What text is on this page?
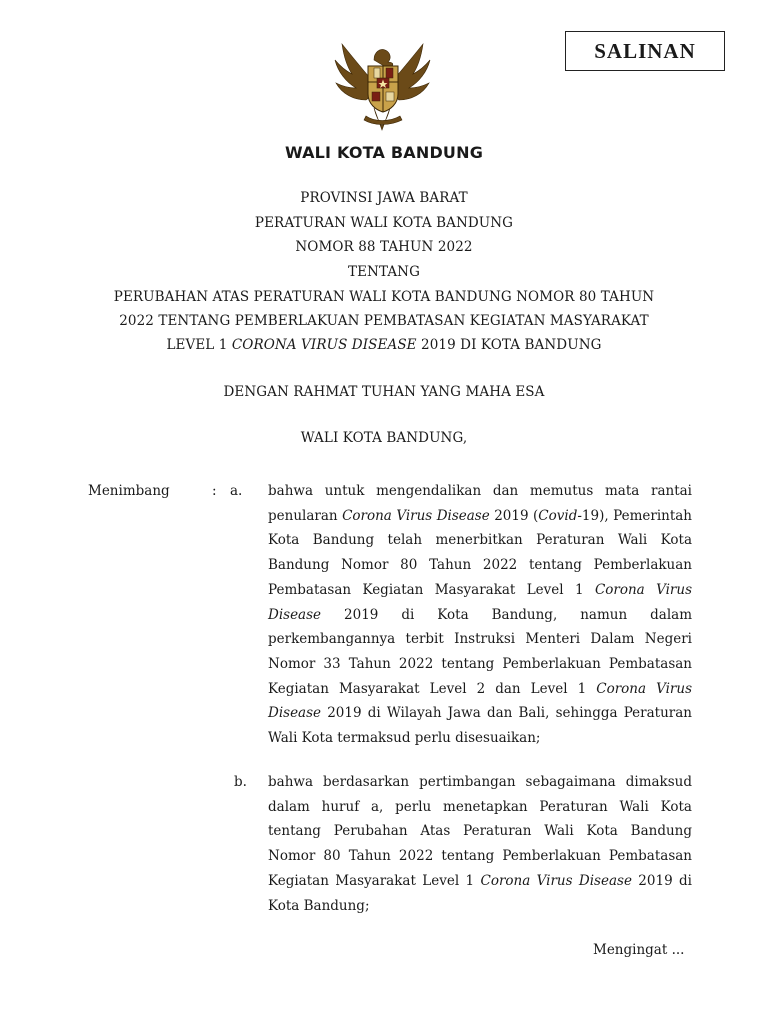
SALINAN
WALI KOTA BANDUNG
PROVINSI JAWA BARAT
PERATURAN WALI KOTA BANDUNG
NOMOR 88 TAHUN 2022
TENTANG
PERUBAHAN ATAS PERATURAN WALI KOTA BANDUNG NOMOR 80 TAHUN
2022 TENTANG PEMBERLAKUAN PEMBATASAN KEGIATAN MASYARAKAT
LEVEL 1 CORONA VIRUS DISEASE 2019 DI KOTA BANDUNG
DENGAN RAHMAT TUHAN YANG MAHA ESA
WALI KOTA BANDUNG,
Menimbang	: a. bahwa untuk mengendalikan dan memutus mata rantai penularan Corona Virus Disease 2019 (Covid-19), Pemerintah Kota Bandung telah menerbitkan Peraturan Wali Kota Bandung Nomor 80 Tahun 2022 tentang Pemberlakuan Pembatasan Kegiatan Masyarakat Level 1 Corona Virus Disease 2019 di Kota Bandung, namun dalam perkembangannya terbit Instruksi Menteri Dalam Negeri Nomor 33 Tahun 2022 tentang Pemberlakuan Pembatasan Kegiatan Masyarakat Level 2 dan Level 1 Corona Virus Disease 2019 di Wilayah Jawa dan Bali, sehingga Peraturan Wali Kota termaksud perlu disesuaikan;
b. bahwa berdasarkan pertimbangan sebagaimana dimaksud dalam huruf a, perlu menetapkan Peraturan Wali Kota tentang Perubahan Atas Peraturan Wali Kota Bandung Nomor 80 Tahun 2022 tentang Pemberlakuan Pembatasan Kegiatan Masyarakat Level 1 Corona Virus Disease 2019 di Kota Bandung;
Mengingat ...
